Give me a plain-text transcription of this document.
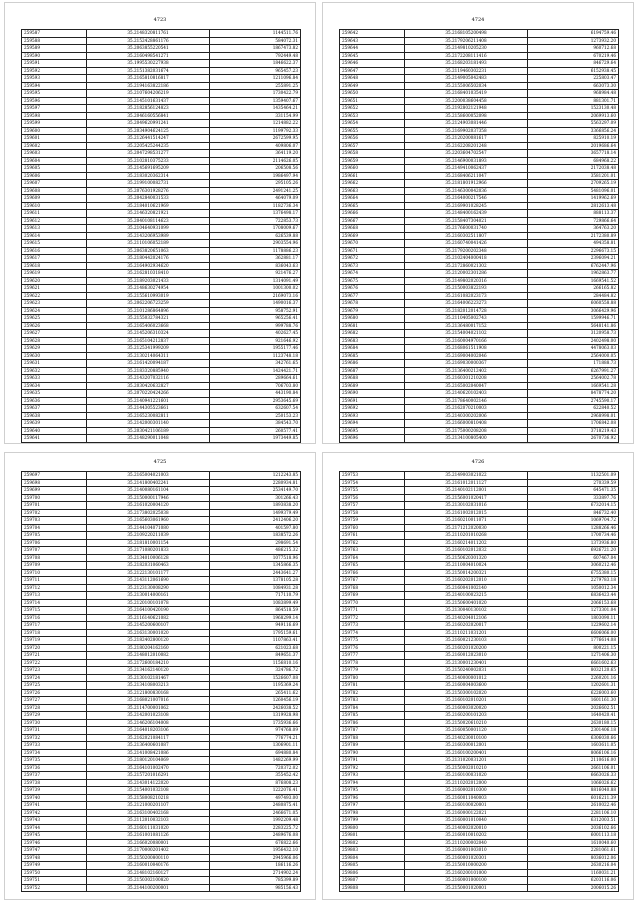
4723
259587	35.2148320811761	1144511.76
259588	35.2152428861176	584072.31
259589	35.2063855220541	1867473.82
259590	35.2160498541271	792449.48
259591	35.1995530227938	1846622.37
259592	35.2151382031674	965457.23
259593	35.2165810816817	1211096.84
259594	35.2194163822186	255891.25
259595	35.2107604206219	1730422.79
259596	35.2145101631437	1359407.67
259597	35.2182856124823	1435464.21
259598	35.2046160556841	331154.99
259599	35.2049620991241	1214882.22
259600	35.2034904624125	1199792.33
259601	35.2126441514247	2672599.95
259602	35.2205425244235	409806.07
259603	35.2047298531277	364119.20
259604	35.2102810375233	2114626.05
259605	35.2145691695209	206508.56
259606	35.2183020362314	1986497.94
259607	35.2199100082731	295105.26
259608	35.2076301928276	2491241.25
259609	35.2042840031533	464079.09
259610	35.2184010621969	1182736.34
259611	35.2146320821921	1376498.17
259612	35.2040108114623	722853.73
259613	35.2104640931099	1708009.67
259614	35.2143206953989	626539.88
259615	35.2110106052189	2903554.96
259616	35.2063820651063	1178886.23
259617	35.2180442024176	362881.17
259618	35.2164902934620	836043.63
259619	35.2162810318410	921476.27
259620	35.2189203021433	1314091.49
259621	35.2148630274954	1001300.02
259622	35.2155610993019	2169073.16
259623	35.2062206723259	1490016.37
259624	35.2101286864896	958752.91
259625	35.2155032784321	965256.41
259626	35.2165406023668	999788.76
259627	35.2145206310324	402627.45
259628	35.2165104212837	921646.92
259629	35.2125341999209	1955177.46
259630	35.2130214064311	1123748.18
259631	35.2161420094187	342761.65
259632	35.2183320885940	1424421.71
259633	35.2143207032116	289664.61
259634	35.2030420632827	706703.80
259635	35.2070220424266	443190.84
259636	35.2140941221601	2953645.69
259637	35.2144305523661	632607.54
259638	35.2165230082811	250153.23
259639	35.2142000301140	384543.70
259640	35.2030421106189	260577.41
259641	35.2148290011048	1973449.85
4724
259642	35.2168105200498	6194759.46
259643	35.2179206211408	1273932.20
259644	35.2149810205230	960712.68
259645	35.2172208111416	670219.46
259646	35.2168203181493	846729.64
259647	35.2119460302231	6152938.45
259648	35.2149005042483	225803.47
259649	35.2155006502034	663073.30
259650	35.2168401035419	968984.48
259651	35.2200038604458	881301.71
259652	35.2192802121948	1523130.48
259653	35.2158600052098	2069913.60
259654	35.2124903081446	5563297.09
259655	35.2169902037358	3366856.24
259656	35.2120200081617	825910.19
259657	35.2162208201248	2019686.64
259658	35.2203604702547	3657718.14
259659	35.2146900031893	684968.22
259660	35.2149410062437	2172038.48
259661	35.2168406211047	3581201.01
259662	35.2181801912966	2709265.19
259663	35.2146300042036	5481096.01
259664	35.2164000217546	1419962.69
259665	35.2169901028245	2812613.48
259666	35.2148400162439	888113.37
259667	35.2158407304021	729866.64
259668	35.2176600031740	364763.20
259669	35.2160302511807	2172380.89
259670	35.2160740041426	494358.81
259671	35.2179200202348	2296673.15
259672	35.2102404000418	2396094.21
259673	35.2172860021302	6762447.96
259674	35.2120002301286	1962863.77
259675	35.2149802020316	1669541.52
259676	35.2150003822193	266165.82
259677	35.2161082023173	284484.82
259678	35.2164006223273	6060558.88
259679	35.2182012014728	3066429.96
259680	35.2110405002743	1599946.71
259681	35.2136480017152	5648141.86
259682	35.2154004021102	3120958.73
259683	35.2160004970166	2402498.00
259684	35.2168061511908	4478063.03
259685	35.2169004002046	2564000.05
259686	35.2169030000367	171888.73
259687	35.2136400212402	6267991.27
259688	35.2160301210208	2564002.78
259689	35.2165002040047	1669541.28
259690	35.2140620102403	8478774.20
259691	35.2178640002146	2745590.17
259692	35.2162070210003	622840.52
259693	35.2140300202006	2968998.01
259694	35.2166000810408	1706842.08
259695	35.2175000208208	3718219.43
259696	35.2134100805400	2670736.92
4725
259697	35.2165004021003	1212243.85
259698	35.2141800402241	2280934.81
259699	35.2140080161104	2534149.70
259700	35.2150000117946	301266.43
259701	35.2161020004120	1893838.20
259702	35.2173802025038	1499379.49
259703	35.2165603061960	2412406.20
259704	35.2144104071080	401597.80
259705	35.2109220211039	1838572.26
259706	35.2181810001154	298691.54
259707	35.2171080201833	486215.32
259708	35.2134010006128	1077518.96
259709	35.2182031060463	1345866.35
259710	35.2122130101177	2443641.27
259711	35.2143112061690	1378105.28
259712	35.2123130008290	1084931.28
259713	35.2130014000161	717110.79
259714	35.2120100101078	1083899.49
259715	35.2164100420190	864518.59
259716	35.2116140621082	1968299.14
259717	35.2145200600107	949116.69
259718	35.2163130001020	1795159.61
259719	35.2182402800120	1107863.41
259720	35.2180204162160	621023.68
259721	35.2148012010082	849651.37
259722	35.2172600184210	1156810.16
259723	35.2134162140120	324786.72
259724	35.2130102181467	1526607.08
259725	35.2134108003213	1195369.24
259726	35.2121800830168	265411.62
259727	35.2168021007016	1260456.19
259728	35.2114700001062	2426038.52
259729	35.2142001023108	1319928.98
259730	35.2146206104008	1735936.66
259731	35.2164018203106	974768.09
259732	35.2162021084117	776774.21
259733	35.2136400601087	1306901.11
259734	35.2141008421086	694880.84
259735	35.2180120104069	1482269.99
259736	35.2164101002470	720372.02
259737	35.2157201016291	355452.42
259738	35.2143014122020	876808.23
259739	35.2154001032108	1222076.41
259740	35.2158008210218	497493.00
259741	35.2121000201107	2480875.41
259742	35.2163100402168	2466671.05
259743	35.2112010032103	1992209.48
259744	35.2160111031020	2283225.72
259745	35.2161001081126	2489676.08
259746	35.2166020080001	676822.66
259747	35.2170000201402	1956432.10
259748	35.2150200800110	2945966.06
259749	35.2160010040176	186116.26
259750	35.2148102160127	2714902.24
259751	35.2150302100820	785399.89
259752	35.2144100200001	985156.43
4726
259753	35.2149003021022	1132501.09
259754	35.2161012011127	270339.59
259755	35.2140102112001	645471.35
259756	35.2156001020417	333897.76
259757	35.2130102031016	6732014.15
259758	35.2161002012015	846732.40
259759	35.2160210011071	1069704.72
259760	35.2171212020030	1288266.46
259761	35.2110201010268	1700734.46
259762	35.2160214011202	1373936.80
259763	35.2160102012032	6926721.20
259764	35.2150620301320	607467.04
259765	35.2110004010024	3060212.46
259766	35.2150014200321	6755380.15
259767	35.2160202012010	2279783.18
259768	35.2160041002140	1050012.34
259769	35.2140100023215	6836423.44
259770	35.2150600401020	2066153.68
259771	35.2130040130102	1273301.04
259772	35.2140204012106	1803090.11
259773	35.2160202020017	1229602.14
259774	35.2110211031201	6606066.00
259775	35.2160021230103	1776614.08
259776	35.2160201020200	800221.15
259777	35.2160012023010	1271406.30
259778	35.2130001230401	6661602.63
259779	35.2150240002031	8032120.65
259780	35.2140000001012	2260201.16
259781	35.2160004003600	1202601.31
259782	35.2150300102020	6226003.60
259783	35.2160102010201	1601161.30
259784	35.2160003020020	2026602.51
259785	35.2160200101203	1640420.41
259786	35.2150020610210	2630180.15
259787	35.2160050001120	2301406.18
259788	35.2140230010100	6306030.66
259789	35.2160300012001	1603611.05
259790	35.2160100200401	8066106.16
259791	35.2131020031201	2110616.00
259792	35.2150002010210	2661106.01
259793	35.2160100031020	6663026.33
259794	35.2110202012000	1066026.62
259795	35.2160002010300	8816040.88
259796	35.2160011040003	6016211.39
259797	35.2160100020001	2610022.46
259798	35.2160000122021	2281106.10
259799	35.2160001010040	6312003.51
259800	35.2140002020010	2036102.66
259801	35.2160010010202	6001113.18
259802	35.2110200002040	1610040.60
259803	35.2160001003010	2281061.61
259804	35.2160001020301	8036012.06
259805	35.2150010000200	2630216.04
259806	35.2160200101000	1160031.21
259807	35.2160001000100	6203116.06
259808	35.2150001020001	2006015.26
